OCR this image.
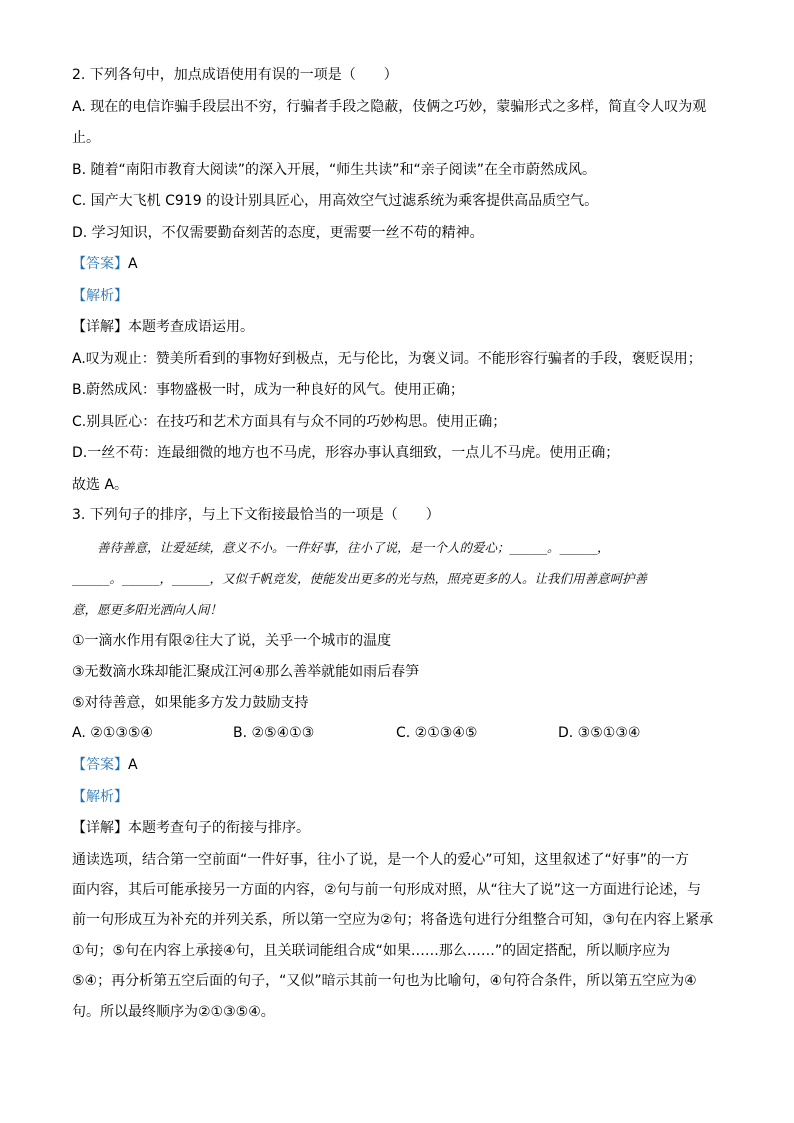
2. 下列各句中，加点成语使用有误的一项是（　　）
A. 现在的电信诈骗手段层出不穷，行骗者手段之隐蔽，伎俩之巧妙，蒙骗形式之多样，简直令人叹为观
止。
B. 随着“南阳市教育大阅读”的深入开展，“师生共读”和“亲子阅读”在全市蔚然成风。
C. 国产大飞机 C919 的设计别具匠心，用高效空气过滤系统为乘客提供高品质空气。
D. 学习知识，不仅需要勤奋刻苦的态度，更需要一丝不苟的精神。
【答案】A
【解析】
【详解】本题考查成语运用。
A.叹为观止：赞美所看到的事物好到极点，无与伦比，为褒义词。不能形容行骗者的手段，褒贬误用；
B.蔚然成风：事物盛极一时，成为一种良好的风气。使用正确；
C.别具匠心：在技巧和艺术方面具有与众不同的巧妙构思。使用正确；
D.一丝不苟：连最细微的地方也不马虎，形容办事认真细致，一点儿不马虎。使用正确；
故选 A。
3. 下列句子的排序，与上下文衔接最恰当的一项是（　　）
　　善待善意，让爱延续，意义不小。一件好事，往小了说，是一个人的爱心；______。______，
______。______，______，又似千帆竞发，使能发出更多的光与热，照亮更多的人。让我们用善意呵护善
意，愿更多阳光洒向人间！
①一滴水作用有限②往大了说，关乎一个城市的温度
③无数滴水珠却能汇聚成江河④那么善举就能如雨后春笋
⑤对待善意，如果能多方发力鼓励支持
A. ②①③⑤④	B. ②⑤④①③	C. ②①③④⑤	D. ③⑤①③④
【答案】A
【解析】
【详解】本题考查句子的衔接与排序。
通读选项，结合第一空前面“一件好事，往小了说，是一个人的爱心”可知，这里叙述了“好事”的一方
面内容，其后可能承接另一方面的内容，②句与前一句形成对照，从“往大了说”这一方面进行论述，与
前一句形成互为补充的并列关系，所以第一空应为②句；将备选句进行分组整合可知，③句在内容上紧承
①句；⑤句在内容上承接④句，且关联词能组合成“如果……那么……”的固定搭配，所以顺序应为
⑤④；再分析第五空后面的句子，“又似”暗示其前一句也为比喻句，④句符合条件，所以第五空应为④
句。所以最终顺序为②①③⑤④。
